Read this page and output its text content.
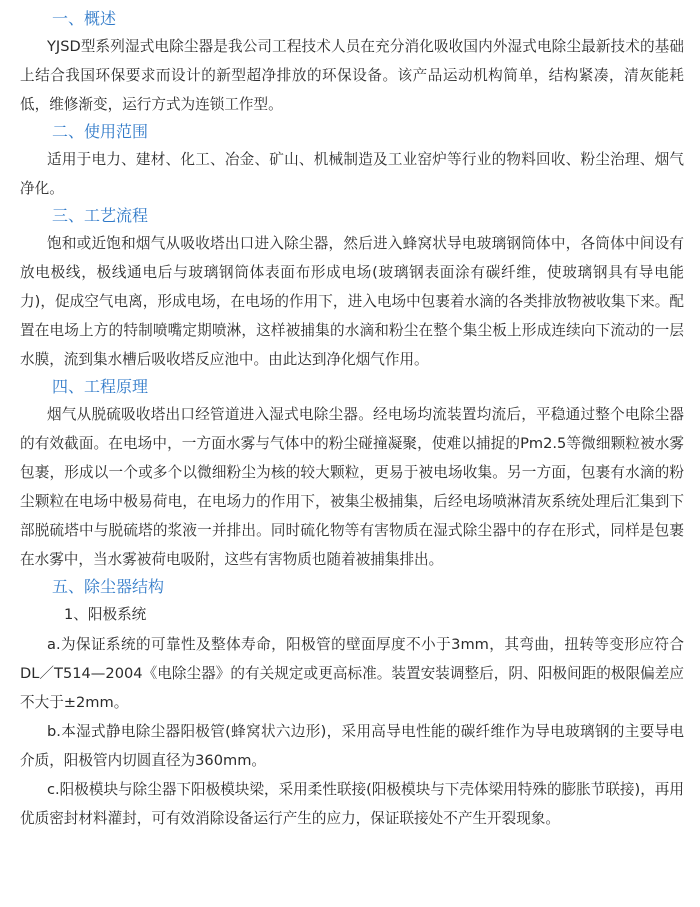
一、概述

YJSD型系列湿式电除尘器是我公司工程技术人员在充分消化吸收国内外湿式电除尘最新技术的基础上结合我国环保要求而设计的新型超净排放的环保设备。该产品运动机构简单，结构紧凑，清灰能耗低，维修渐变，运行方式为连锁工作型。

二、使用范围

适用于电力、建材、化工、冶金、矿山、机械制造及工业窑炉等行业的物料回收、粉尘治理、烟气净化。

三、工艺流程

饱和或近饱和烟气从吸收塔出口进入除尘器，然后进入蜂窝状导电玻璃钢筒体中，各筒体中间设有放电极线，极线通电后与玻璃钢筒体表面布形成电场(玻璃钢表面涂有碳纤维，使玻璃钢具有导电能力)，促成空气电离，形成电场，在电场的作用下，进入电场中包裹着水滴的各类排放物被收集下来。配置在电场上方的特制喷嘴定期喷淋，这样被捕集的水滴和粉尘在整个集尘板上形成连续向下流动的一层水膜，流到集水槽后吸收塔反应池中。由此达到净化烟气作用。

四、工程原理

烟气从脱硫吸收塔出口经管道进入湿式电除尘器。经电场均流装置均流后，平稳通过整个电除尘器的有效截面。在电场中，一方面水雾与气体中的粉尘碰撞凝聚，使难以捕捉的Pm2.5等微细颗粒被水雾包裹，形成以一个或多个以微细粉尘为核的较大颗粒，更易于被电场收集。另一方面，包裹有水滴的粉尘颗粒在电场中极易荷电，在电场力的作用下，被集尘极捕集，后经电场喷淋清灰系统处理后汇集到下部脱硫塔中与脱硫塔的浆液一并排出。同时硫化物等有害物质在湿式除尘器中的存在形式，同样是包裹在水雾中，当水雾被荷电吸附，这些有害物质也随着被捕集排出。

五、除尘器结构

1、阳极系统

a.为保证系统的可靠性及整体寿命，阳极管的壁面厚度不小于3mm，其弯曲，扭转等变形应符合DL／T514—2004《电除尘器》的有关规定或更高标准。装置安装调整后，阴、阳极间距的极限偏差应不大于±2mm。

b.本湿式静电除尘器阳极管(蜂窝状六边形)，采用高导电性能的碳纤维作为导电玻璃钢的主要导电介质，阳极管内切圆直径为360mm。

c.阳极模块与除尘器下阳极模块梁，采用柔性联接(阳极模块与下壳体梁用特殊的膨胀节联接)，再用优质密封材料灌封，可有效消除设备运行产生的应力，保证联接处不产生开裂现象。
